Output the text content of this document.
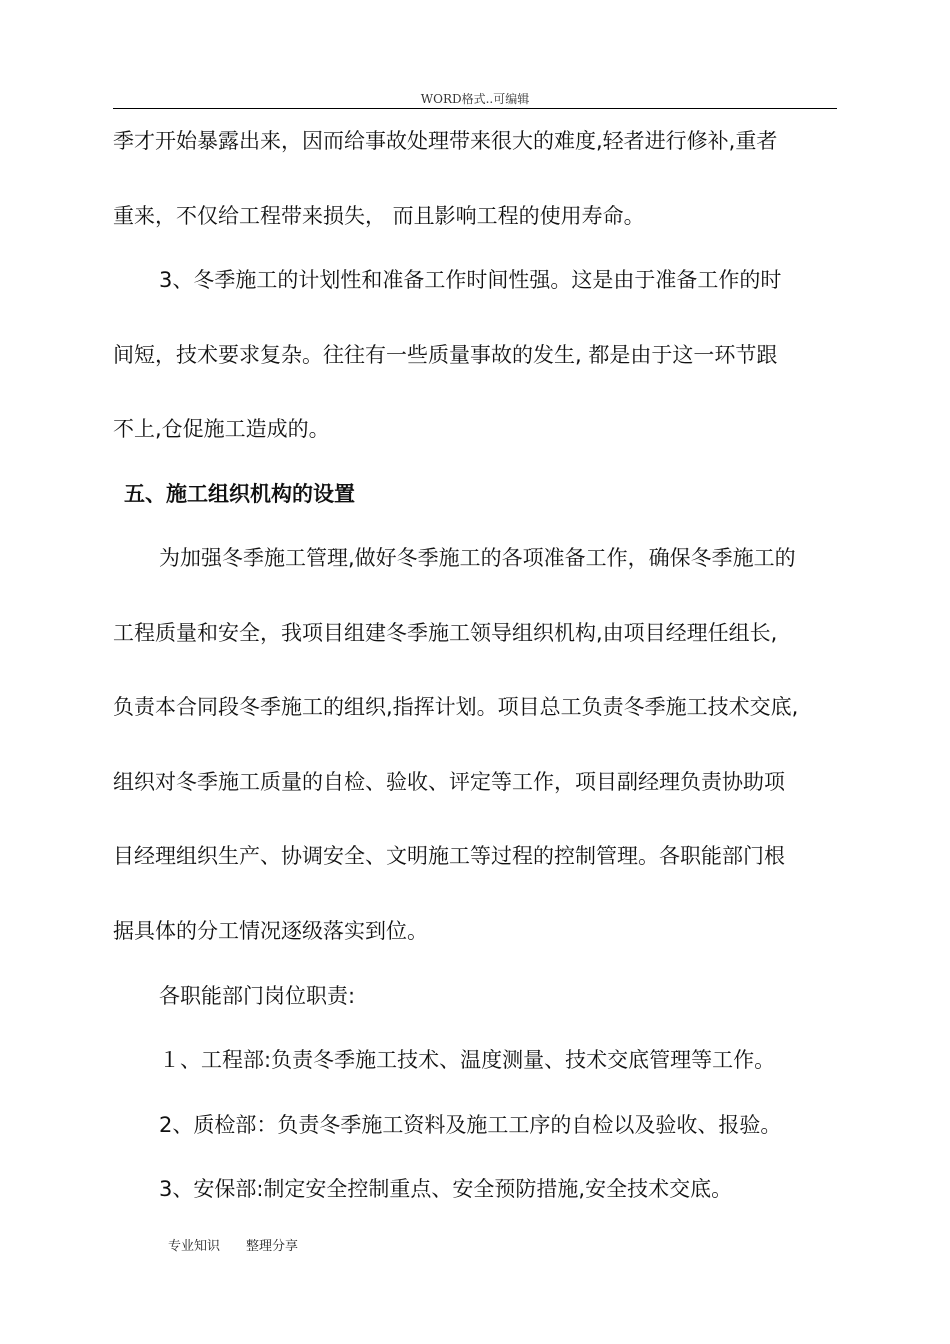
WORD格式..可编辑
季才开始暴露出来，因而给事故处理带来很大的难度,轻者进行修补,重者
重来，不仅给工程带来损失， 而且影响工程的使用寿命。
3、冬季施工的计划性和准备工作时间性强。这是由于准备工作的时
间短，技术要求复杂。往往有一些质量事故的发生, 都是由于这一环节跟
不上,仓促施工造成的。
五、施工组织机构的设置
为加强冬季施工管理,做好冬季施工的各项准备工作，确保冬季施工的
工程质量和安全，我项目组建冬季施工领导组织机构,由项目经理任组长,
负责本合同段冬季施工的组织,指挥计划。项目总工负责冬季施工技术交底,
组织对冬季施工质量的自检、验收、评定等工作，项目副经理负责协助项
目经理组织生产、协调安全、文明施工等过程的控制管理。各职能部门根
据具体的分工情况逐级落实到位。
各职能部门岗位职责:
１、工程部:负责冬季施工技术、温度测量、技术交底管理等工作。
2、质检部：负责冬季施工资料及施工工序的自检以及验收、报验。
3、安保部:制定安全控制重点、安全预防措施,安全技术交底。
专业知识 整理分享
